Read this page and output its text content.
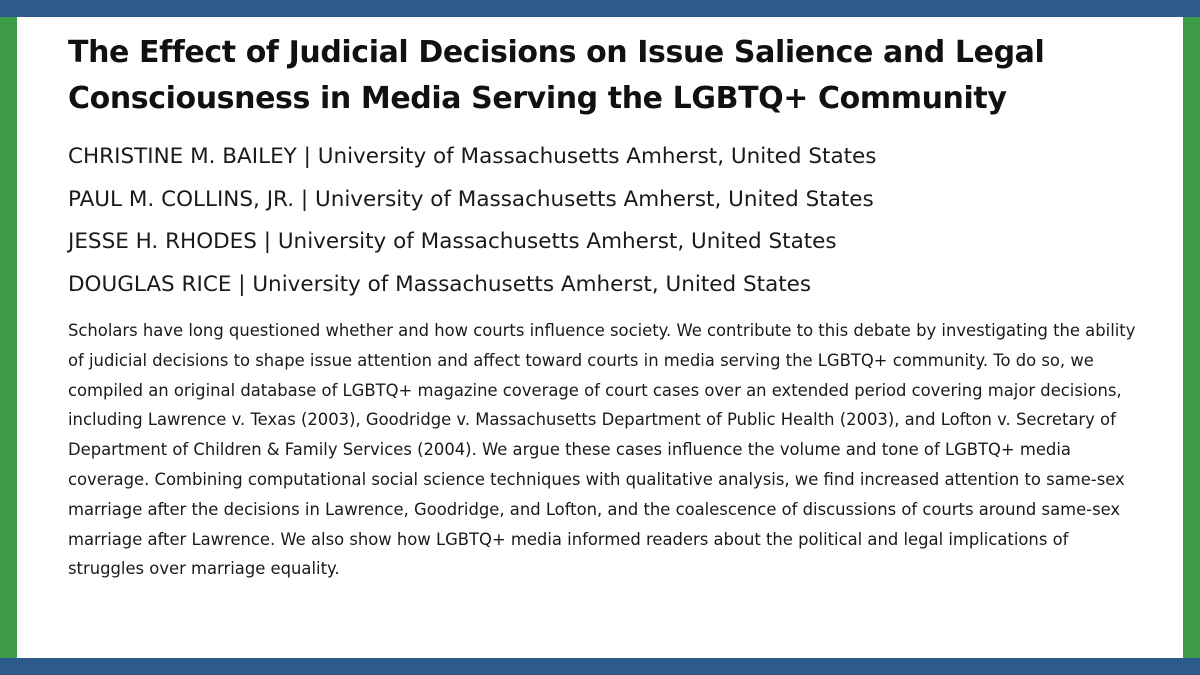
The Effect of Judicial Decisions on Issue Salience and Legal Consciousness in Media Serving the LGBTQ+ Community
CHRISTINE M. BAILEY | University of Massachusetts Amherst, United States
PAUL M. COLLINS, JR. | University of Massachusetts Amherst, United States
JESSE H. RHODES | University of Massachusetts Amherst, United States
DOUGLAS RICE | University of Massachusetts Amherst, United States

Scholars have long questioned whether and how courts influence society. We contribute to this debate by investigating the ability of judicial decisions to shape issue attention and affect toward courts in media serving the LGBTQ+ community. To do so, we compiled an original database of LGBTQ+ magazine coverage of court cases over an extended period covering major decisions, including Lawrence v. Texas (2003), Goodridge v. Massachusetts Department of Public Health (2003), and Lofton v. Secretary of Department of Children & Family Services (2004). We argue these cases influence the volume and tone of LGBTQ+ media coverage. Combining computational social science techniques with qualitative analysis, we find increased attention to same-sex marriage after the decisions in Lawrence, Goodridge, and Lofton, and the coalescence of discussions of courts around same-sex marriage after Lawrence. We also show how LGBTQ+ media informed readers about the political and legal implications of struggles over marriage equality.
